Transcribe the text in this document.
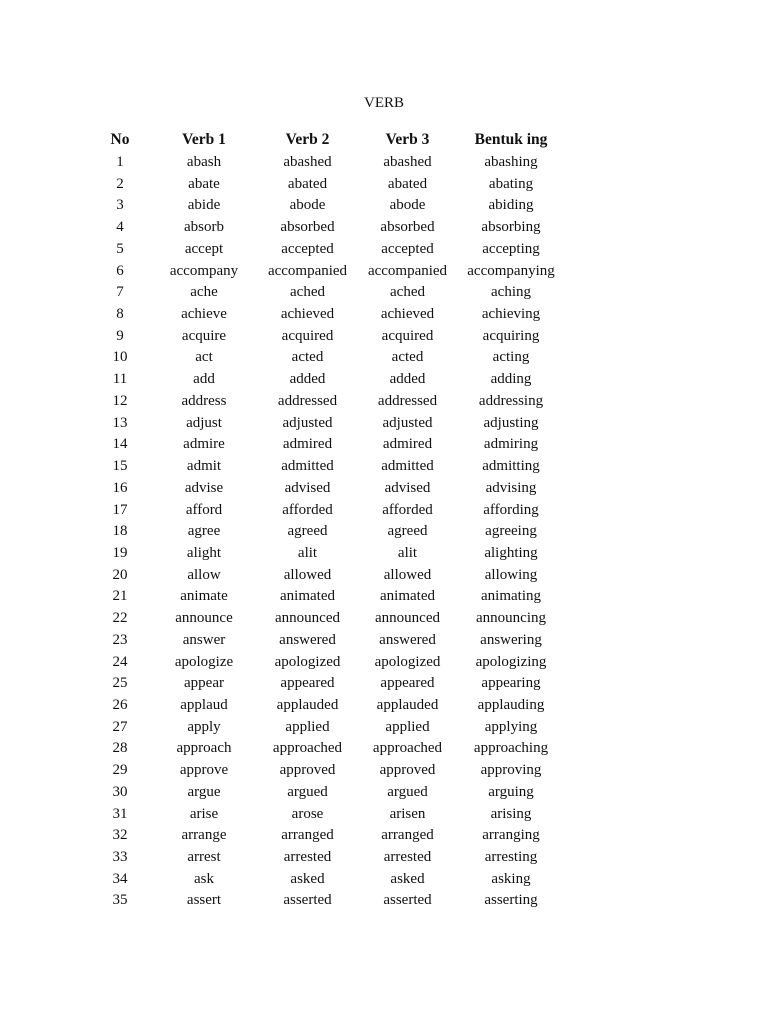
VERB
No	Verb 1	Verb 2	Verb 3	Bentuk ing
1	abash	abashed	abashed	abashing
2	abate	abated	abated	abating
3	abide	abode	abode	abiding
4	absorb	absorbed	absorbed	absorbing
5	accept	accepted	accepted	accepting
6	accompany accompanied accompanied accompanying
7	ache	ached	ached	aching
8	achieve	achieved	achieved	achieving
9	acquire	acquired	acquired	acquiring
10	act	acted	acted	acting
11	add	added	added	adding
12	address	addressed	addressed	addressing
13	adjust	adjusted	adjusted	adjusting
14	admire	admired	admired	admiring
15	admit	admitted	admitted	admitting
16	advise	advised	advised	advising
17	afford	afforded	afforded	affording
18	agree	agreed	agreed	agreeing
19	alight	alit	alit	alighting
20	allow	allowed	allowed	allowing
21	animate	animated	animated	animating
22	announce	announced announced announcing
23	answer	answered	answered	answering
24	apologize	apologized apologized apologizing
25	appear	appeared	appeared	appearing
26	applaud	applauded	applauded	applauding
27	apply	applied	applied	applying
28	approach	approached approached approaching
29	approve	approved	approved	approving
30	argue	argued	argued	arguing
31	arise	arose	arisen	arising
32	arrange	arranged	arranged	arranging
33	arrest	arrested	arrested	arresting
34	ask	asked	asked	asking
35	assert	asserted	asserted	asserting
